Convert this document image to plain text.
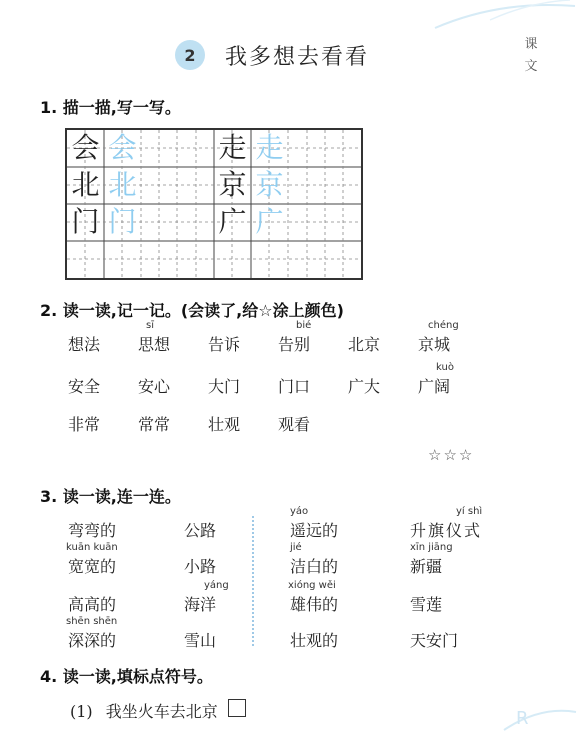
R
2 我多想去看看
课
文
1. 描一描,写一写。
会 会
北 北
门 门
走 走
京 京
广 广
2. 读一读,记一记。(会读了,给☆涂上颜色)
想法
sī
思想 告诉
bié
告别 北京
chéng
京城
安全 安心 大门 门口 广大
kuò
广阔
非常 常常 壮观 观看
☆☆☆
3. 读一读,连一连。
弯弯的
kuān kuān
宽宽的
高高的
shēn shēn
深深的
公路
小路
yáng
海洋
雪山
yáo
遥远的
jié
洁白的
xióng wěi
雄伟的
壮观的
yí shì
升旗仪式
xīn jiāng
新疆
雪莲
天安门
4. 读一读,填标点符号。
(1) 我坐火车去北京
